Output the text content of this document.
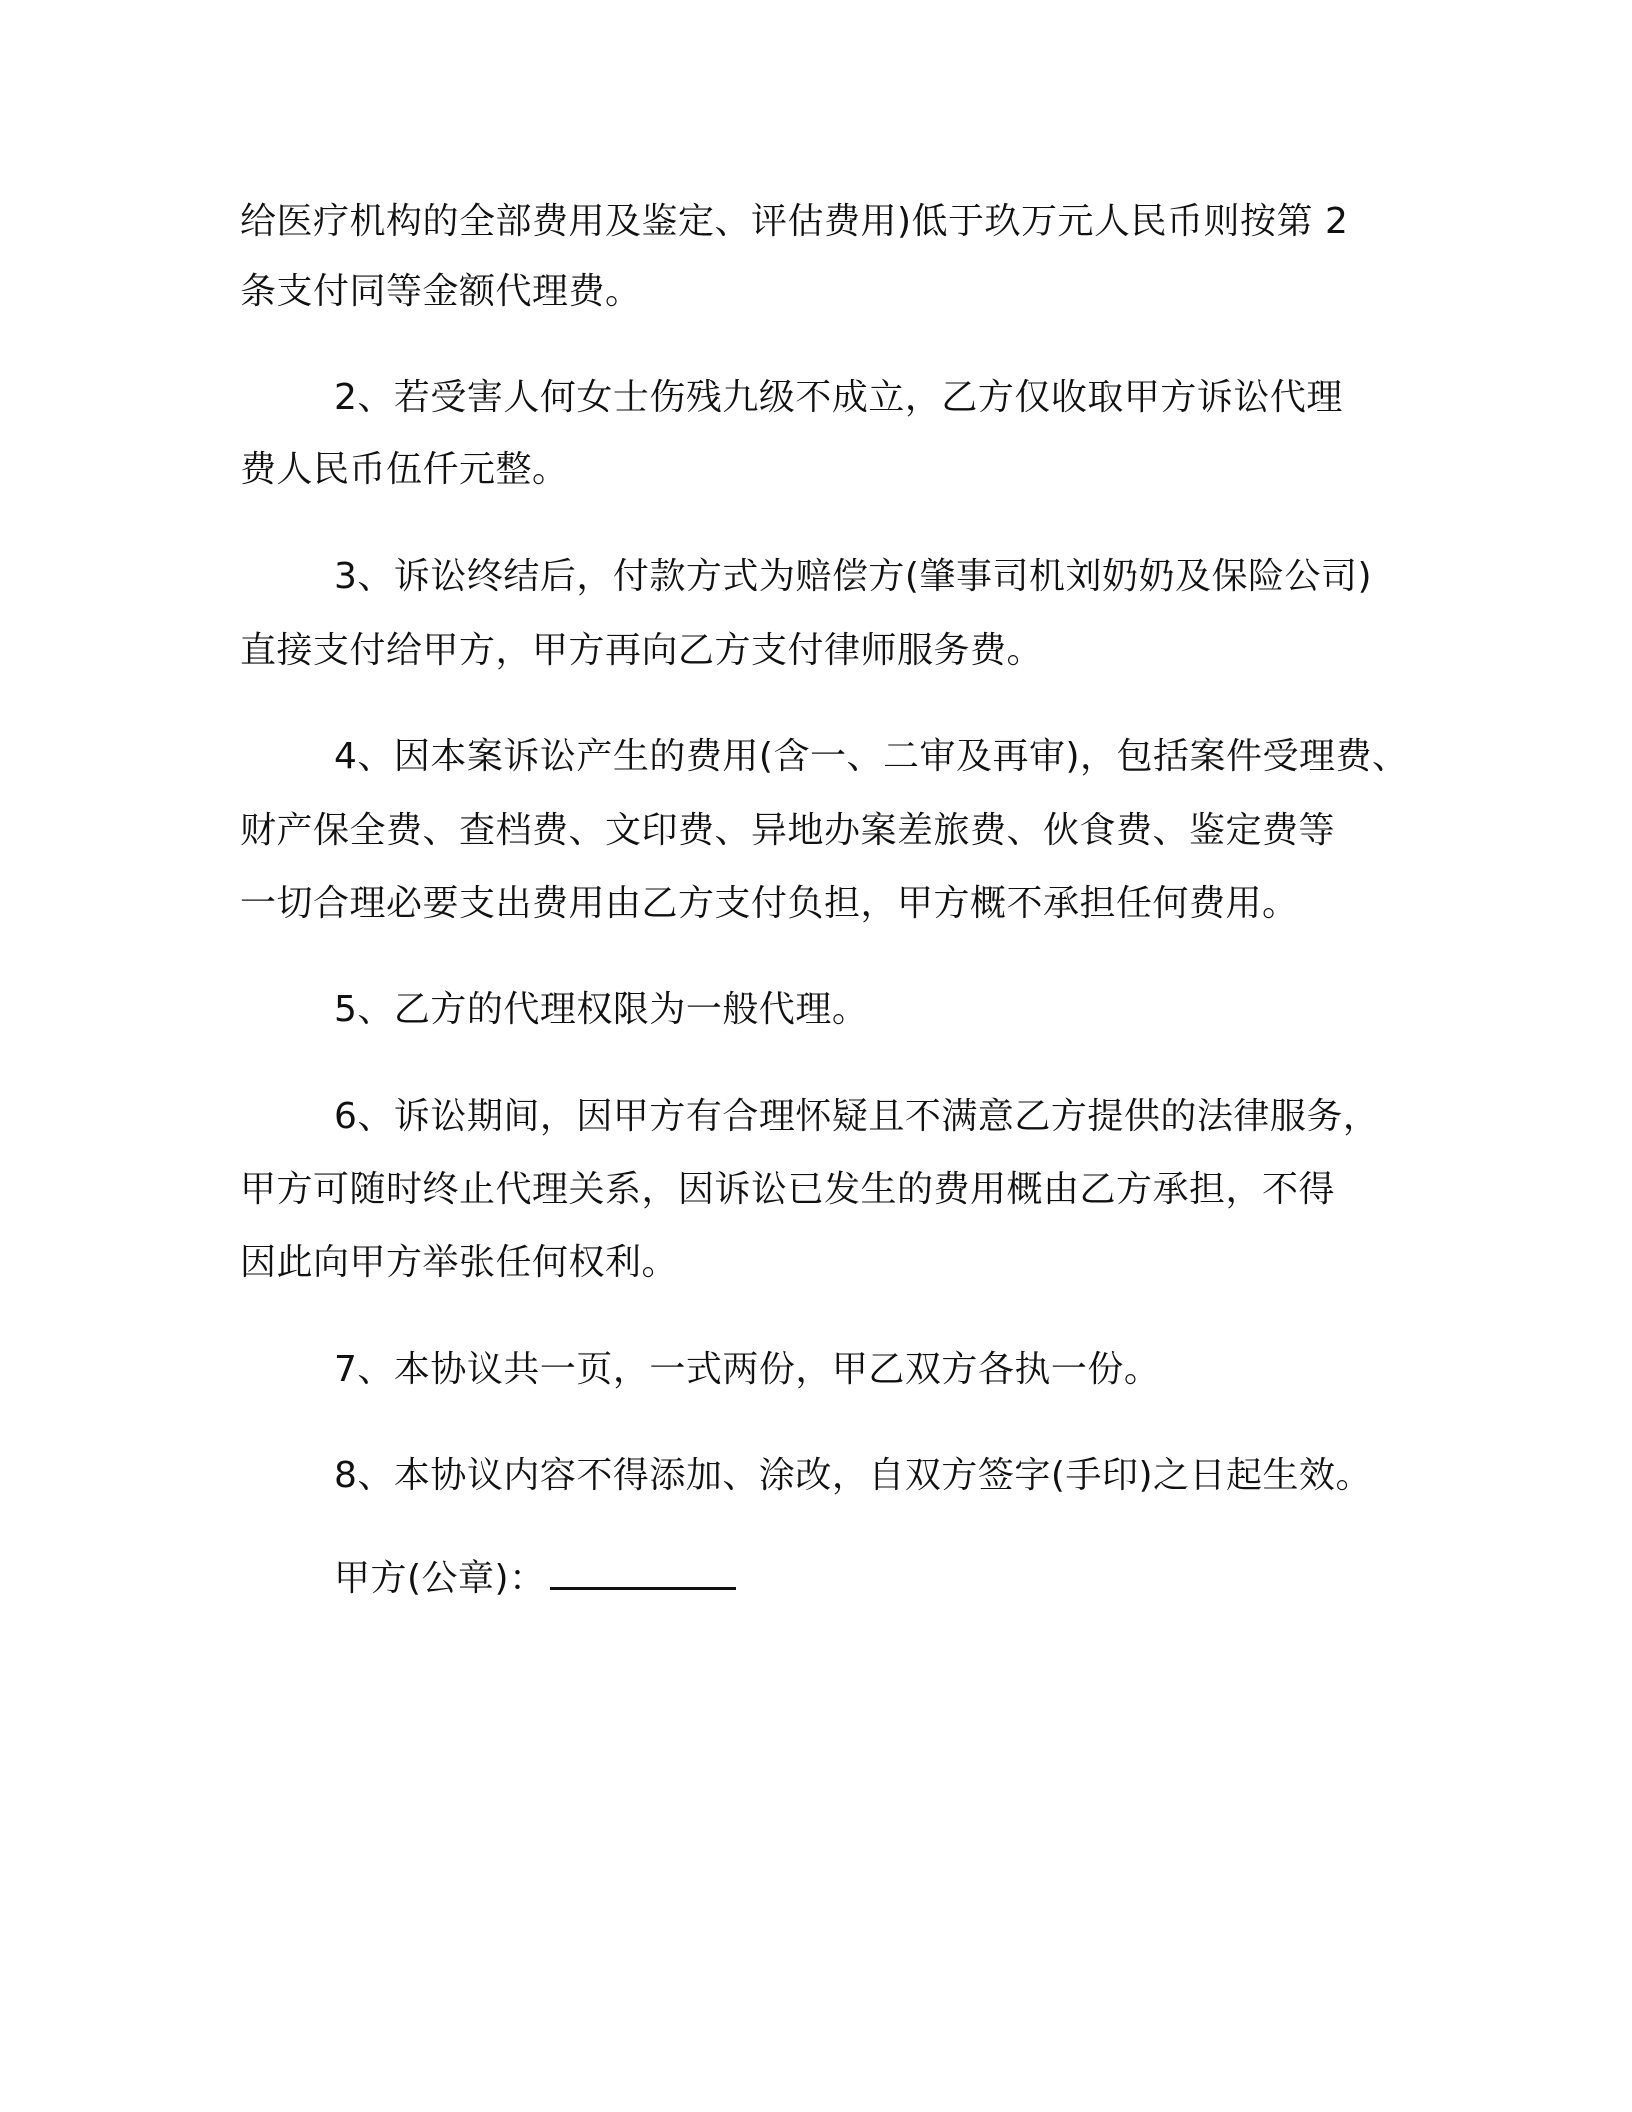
给医疗机构的全部费用及鉴定、评估费用)低于玖万元人民币则按第 2

条支付同等金额代理费。

2、若受害人何女士伤残九级不成立，乙方仅收取甲方诉讼代理

费人民币伍仟元整。

3、诉讼终结后，付款方式为赔偿方(肇事司机刘奶奶及保险公司)

直接支付给甲方，甲方再向乙方支付律师服务费。

4、因本案诉讼产生的费用(含一、二审及再审)，包括案件受理费、

财产保全费、查档费、文印费、异地办案差旅费、伙食费、鉴定费等

一切合理必要支出费用由乙方支付负担，甲方概不承担任何费用。

5、乙方的代理权限为一般代理。

6、诉讼期间，因甲方有合理怀疑且不满意乙方提供的法律服务，

甲方可随时终止代理关系，因诉讼已发生的费用概由乙方承担，不得

因此向甲方举张任何权利。

7、本协议共一页，一式两份，甲乙双方各执一份。

8、本协议内容不得添加、涂改，自双方签字(手印)之日起生效。

甲方(公章)：
